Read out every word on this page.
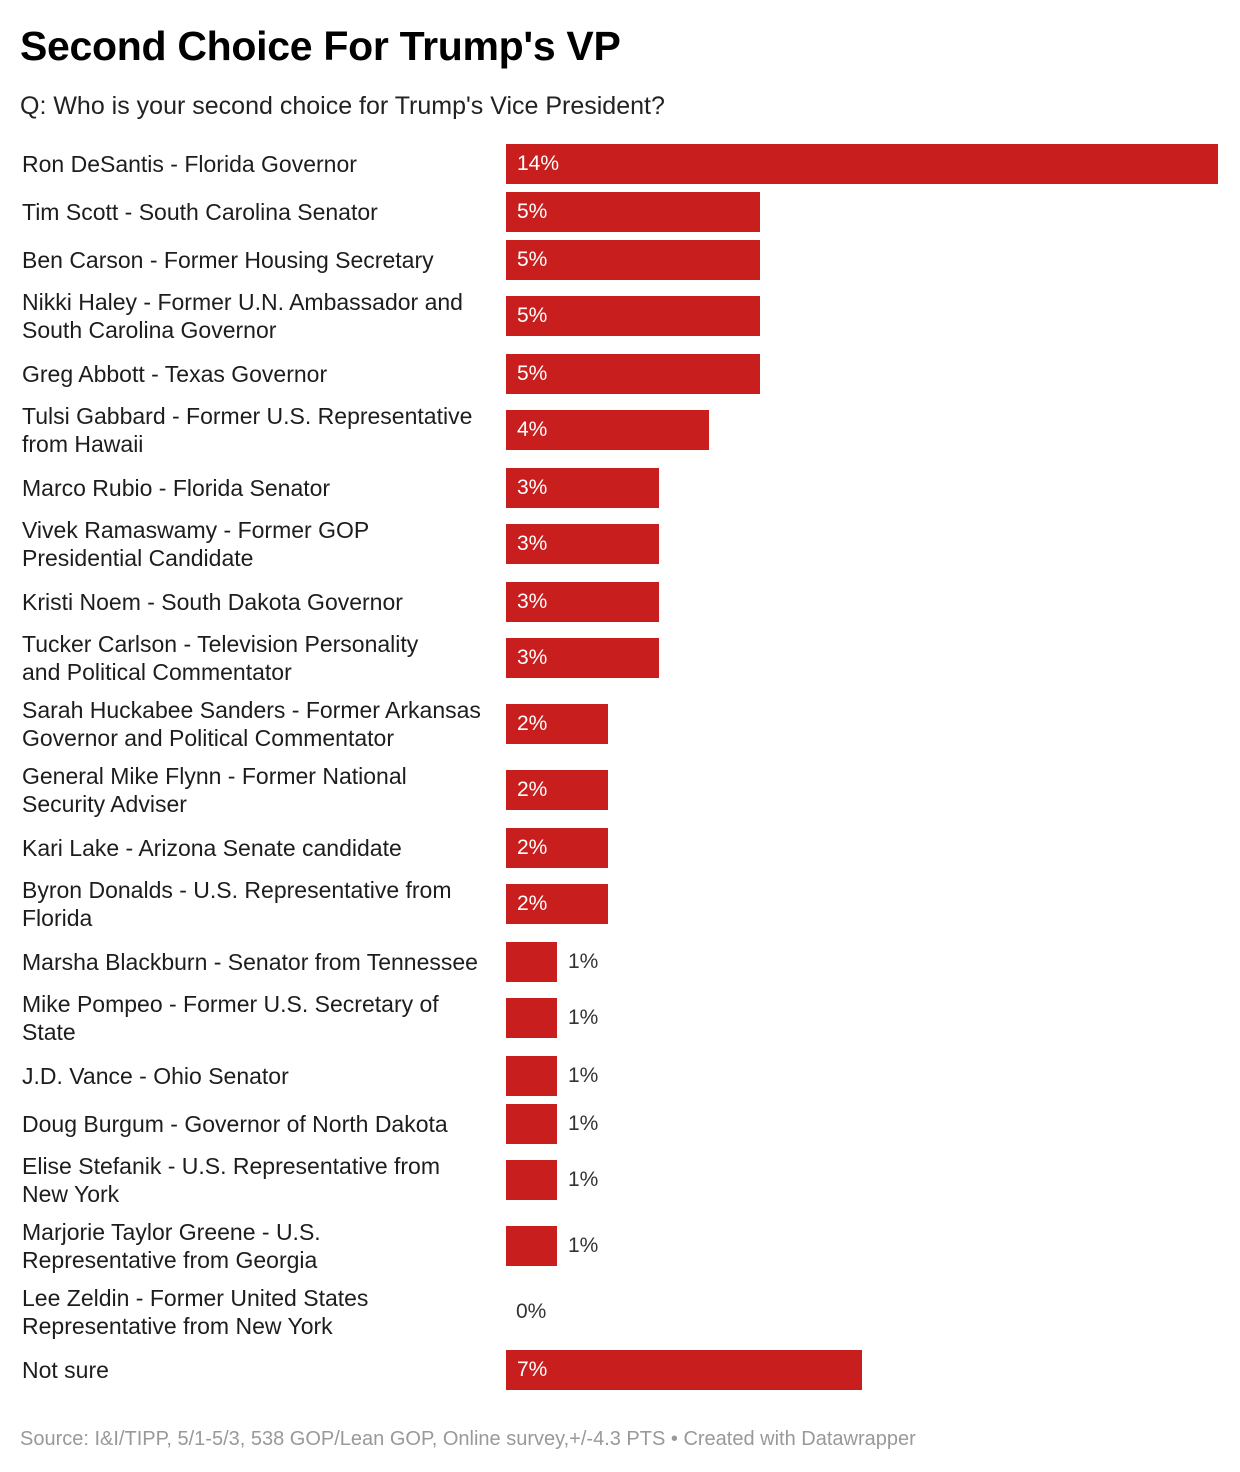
Second Choice For Trump's VP

Q: Who is your second choice for Trump's Vice President?

Ron DeSantis - Florida Governor	14%
Tim Scott - South Carolina Senator	5%
Ben Carson - Former Housing Secretary	5%
Nikki Haley - Former U.N. Ambassador and
South Carolina Governor
5%
Greg Abbott - Texas Governor	5%
Tulsi Gabbard - Former U.S. Representative
from Hawaii
4%
Marco Rubio - Florida Senator	3%
Vivek Ramaswamy - Former GOP
Presidential Candidate
3%
Kristi Noem - South Dakota Governor	3%
Tucker Carlson - Television Personality
and Political Commentator
3%
Sarah Huckabee Sanders - Former Arkansas
Governor and Political Commentator
2%
General Mike Flynn - Former National
Security Adviser
2%
Kari Lake - Arizona Senate candidate	2%
Byron Donalds - U.S. Representative from
Florida
2%
Marsha Blackburn - Senator from Tennessee	1%
Mike Pompeo - Former U.S. Secretary of
State
1%
J.D. Vance - Ohio Senator	1%
Doug Burgum - Governor of North Dakota	1%
Elise Stefanik - U.S. Representative from
New York
1%
Marjorie Taylor Greene - U.S.
Representative from Georgia
1%
Lee Zeldin - Former United States
Representative from New York
0%
Not sure	7%

Source: I&I/TIPP, 5/1-5/3, 538 GOP/Lean GOP, Online survey,+/-4.3 PTS • Created with Datawrapper
